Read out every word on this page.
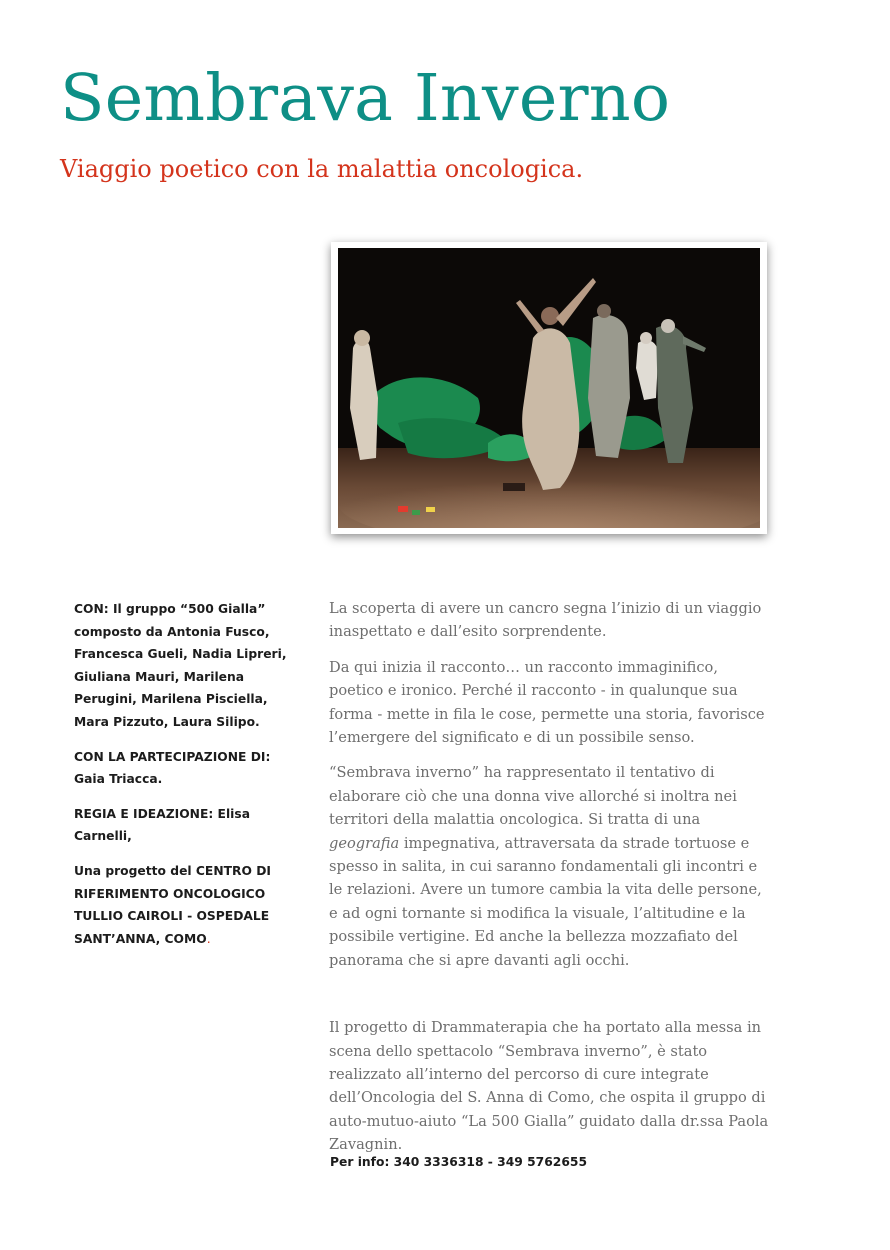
Sembrava Inverno
Viaggio poetico con la malattia oncologica.

CON: Il gruppo “500 Gialla” composto da Antonia Fusco, Francesca Gueli, Nadia Lipreri, Giuliana Mauri, Marilena Perugini, Marilena Pisciella, Mara Pizzuto, Laura Silipo.

CON LA PARTECIPAZIONE DI: Gaia Triacca.

REGIA E IDEAZIONE: Elisa Carnelli,

Una progetto del CENTRO DI RIFERIMENTO ONCOLOGICO TULLIO CAIROLI - OSPEDALE SANT’ANNA, COMO.

La scoperta di avere un cancro segna l’inizio di un viaggio inaspettato e dall’esito sorprendente.

Da qui inizia il racconto… un racconto immaginifico, poetico e ironico. Perché il racconto - in qualunque sua forma - mette in fila le cose, permette una storia, favorisce l’emergere del significato e di un possibile senso.

“Sembrava inverno” ha rappresentato il tentativo di elaborare ciò che una donna vive allorché si inoltra nei territori della malattia oncologica. Si tratta di una geografia impegnativa, attraversata da strade tortuose e spesso in salita, in cui saranno fondamentali gli incontri e le relazioni. Avere un tumore cambia la vita delle persone, e ad ogni tornante si modifica la visuale, l’altitudine e la possibile vertigine. Ed anche la bellezza mozzafiato del panorama che si apre davanti agli occhi.

Il progetto di Drammaterapia che ha portato alla messa in scena dello spettacolo “Sembrava inverno”, è stato realizzato all’interno del percorso di cure integrate dell’Oncologia del S. Anna di Como, che ospita il gruppo di auto-mutuo-aiuto “La 500 Gialla” guidato dalla dr.ssa Paola Zavagnin.

Per info: 340 3336318 - 349 5762655
